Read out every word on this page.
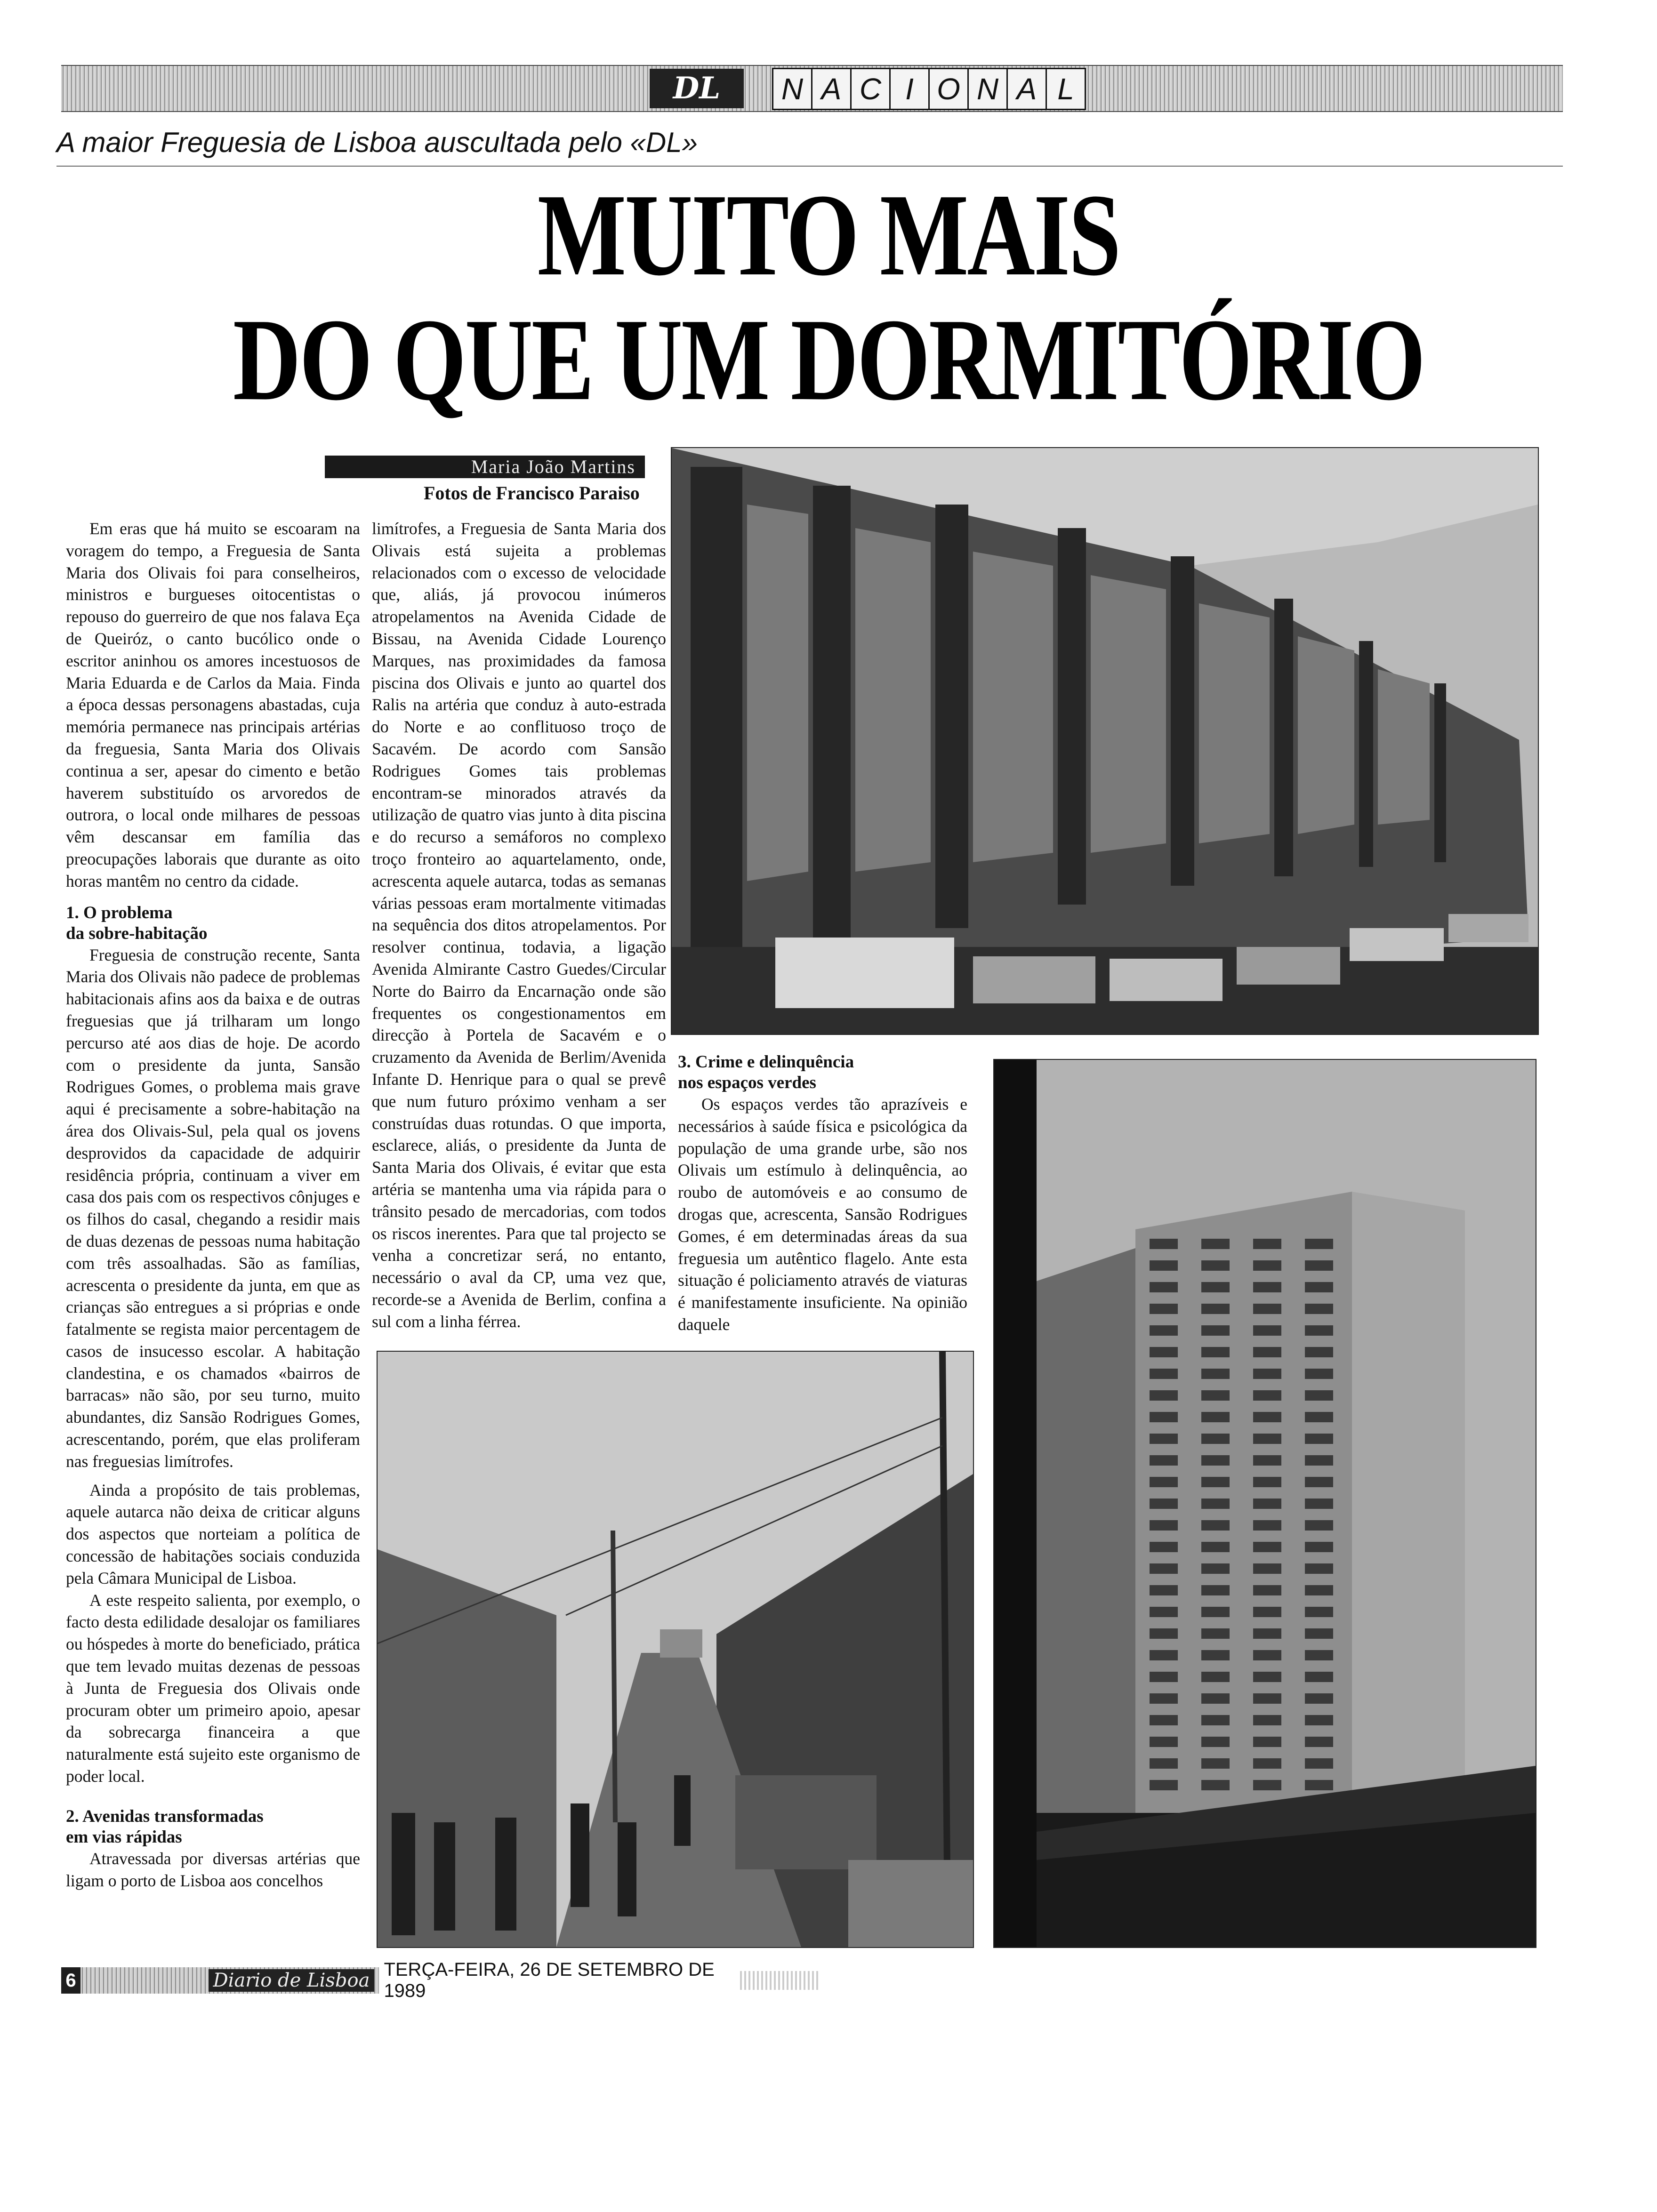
DL	N A C I O N A L
A maior Freguesia de Lisboa auscultada pelo «DL»
MUITO MAIS
DO QUE UM DORMITÓRIO
Maria João Martins
Fotos de Francisco Paraiso

Em eras que há muito se escoaram na voragem do tempo, a Freguesia de Santa Maria dos Olivais foi para conselheiros, ministros e burgueses oitocentistas o repouso do guerreiro de que nos falava Eça de Queiróz, o canto bucólico onde o escritor aninhou os amores incestuosos de Maria Eduarda e de Carlos da Maia. Finda a época dessas personagens abastadas, cuja memória permanece nas principais artérias da freguesia, Santa Maria dos Olivais continua a ser, apesar do cimento e betão haverem substituído os arvoredos de outrora, o local onde milhares de pessoas vêm descansar em família das preocupações laborais que durante as oito horas mantêm no centro da cidade.

1. O problema
da sobre-habitação

Freguesia de construção recente, Santa Maria dos Olivais não padece de problemas habitacionais afins aos da baixa e de outras freguesias que já trilharam um longo percurso até aos dias de hoje. De acordo com o presidente da junta, Sansão Rodrigues Gomes, o problema mais grave aqui é precisamente a sobre-habitação na área dos Olivais-Sul, pela qual os jovens desprovidos da capacidade de adquirir residência própria, continuam a viver em casa dos pais com os respectivos cônjuges e os filhos do casal, chegando a residir mais de duas dezenas de pessoas numa habitação com três assoalhadas. São as famílias, acrescenta o presidente da junta, em que as crianças são entregues a si próprias e onde fatalmente se regista maior percentagem de casos de insucesso escolar. A habitação clandestina, e os chamados «bairros de barracas» não são, por seu turno, muito abundantes, diz Sansão Rodrigues Gomes, acrescentando, porém, que elas proliferam nas freguesias limítrofes.

Ainda a propósito de tais problemas, aquele autarca não deixa de criticar alguns dos aspectos que norteiam a política de concessão de habitações sociais conduzida pela Câmara Municipal de Lisboa.

A este respeito salienta, por exemplo, o facto desta edilidade desalojar os familiares ou hóspedes à morte do beneficiado, prática que tem levado muitas dezenas de pessoas à Junta de Freguesia dos Olivais onde procuram obter um primeiro apoio, apesar da sobrecarga financeira a que naturalmente está sujeito este organismo de poder local.

2. Avenidas transformadas
em vias rápidas

Atravessada por diversas artérias que ligam o porto de Lisboa aos concelhos

limítrofes, a Freguesia de Santa Maria dos Olivais está sujeita a problemas relacionados com o excesso de velocidade que, aliás, já provocou inúmeros atropelamentos na Avenida Cidade de Bissau, na Avenida Cidade Lourenço Marques, nas proximidades da famosa piscina dos Olivais e junto ao quartel dos Ralis na artéria que conduz à auto-estrada do Norte e ao conflituoso troço de Sacavém. De acordo com Sansão Rodrigues Gomes tais problemas encontram-se minorados através da utilização de quatro vias junto à dita piscina e do recurso a semáforos no complexo troço fronteiro ao aquartelamento, onde, acrescenta aquele autarca, todas as semanas várias pessoas eram mortalmente vitimadas na sequência dos ditos atropelamentos. Por resolver continua, todavia, a ligação Avenida Almirante Castro Guedes/Circular Norte do Bairro da Encarnação onde são frequentes os congestionamentos em direcção à Portela de Sacavém e o cruzamento da Avenida de Berlim/Avenida Infante D. Henrique para o qual se prevê que num futuro próximo venham a ser construídas duas rotundas. O que importa, esclarece, aliás, o presidente da Junta de Santa Maria dos Olivais, é evitar que esta artéria se mantenha uma via rápida para o trânsito pesado de mercadorias, com todos os riscos inerentes. Para que tal projecto se venha a concretizar será, no entanto, necessário o aval da CP, uma vez que, recorde-se a Avenida de Berlim, confina a sul com a linha férrea.

3. Crime e delinquência
nos espaços verdes

Os espaços verdes tão aprazíveis e necessários à saúde física e psicológica da população de uma grande urbe, são nos Olivais um estímulo à delinquência, ao roubo de automóveis e ao consumo de drogas que, acrescenta, Sansão Rodrigues Gomes, é em determinadas áreas da sua freguesia um autêntico flagelo. Ante esta situação é policiamento através de viaturas é manifestamente insuficiente. Na opinião daquele

6	Diario de Lisboa TERÇA-FEIRA, 26 DE SETEMBRO DE 1989
